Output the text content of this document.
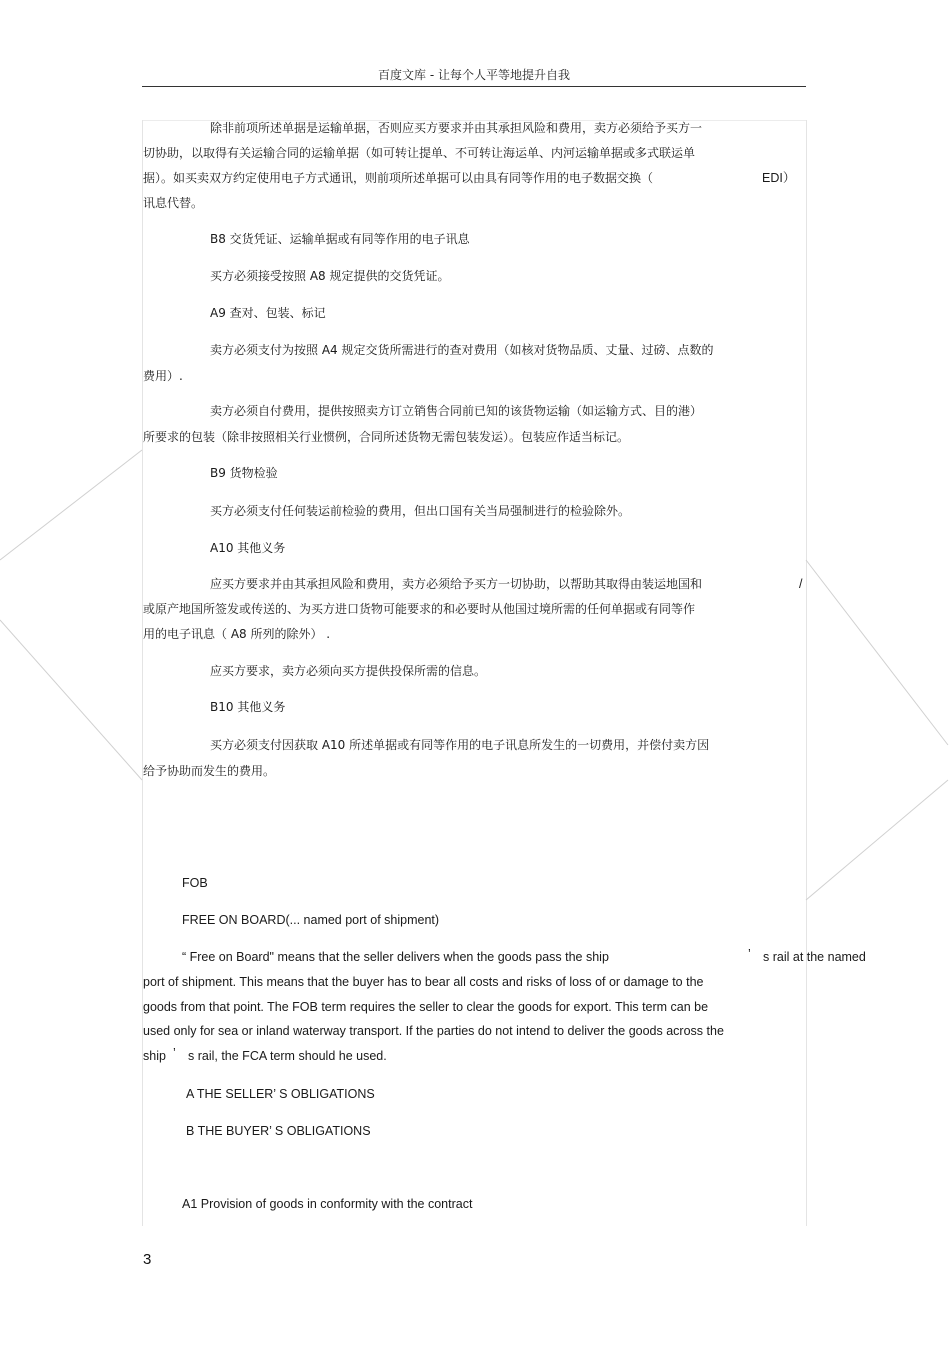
百度文库 - 让每个人平等地提升自我
除非前项所述单据是运输单据，否则应买方要求并由其承担风险和费用，卖方必须给予买方一
切协助，以取得有关运输合同的运输单据（如可转让提单、不可转让海运单、内河运输单据或多式联运单
据）。如买卖双方约定使用电子方式通讯，则前项所述单据可以由具有同等作用的电子数据交换（	EDI）
讯息代替。
B8 交货凭证、运输单据或有同等作用的电子讯息
买方必须接受按照 A8 规定提供的交货凭证。
A9 查对、包装、标记
卖方必须支付为按照 A4 规定交货所需进行的查对费用（如核对货物品质、丈量、过磅、点数的
费用）.
卖方必须自付费用，提供按照卖方订立销售合同前已知的该货物运输（如运输方式、目的港）
所要求的包装（除非按照相关行业惯例，合同所述货物无需包装发运）。包装应作适当标记。
B9 货物检验
买方必须支付任何装运前检验的费用，但出口国有关当局强制进行的检验除外。
A10 其他义务
应买方要求并由其承担风险和费用，卖方必须给予买方一切协助，以帮助其取得由装运地国和	/
或原产地国所签发或传送的、为买方进口货物可能要求的和必要时从他国过境所需的任何单据或有同等作
用的电子讯息（ A8 所列的除外） .
应买方要求，卖方必须向买方提供投保所需的信息。
B10 其他义务
买方必须支付因获取 A10 所述单据或有同等作用的电子讯息所发生的一切费用，并偿付卖方因
给予协助而发生的费用。
FOB
FREE ON BOARD(... named port of shipment)
“ Free on Board" means that the seller delivers when the goods pass the ship	’ s rail at the named
port of shipment. This means that the buyer has to bear all costs and risks of loss of or damage to the
goods from that point. The FOB term requires the seller to clear the goods for export. This term can be
used only for sea or inland waterway transport. If the parties do not intend to deliver the goods across the
ship ’ s rail, the FCA term should he used.
A THE SELLER’ S OBLIGATIONS
B THE BUYER’ S OBLIGATIONS
A1 Provision of goods in conformity with the contract
3
